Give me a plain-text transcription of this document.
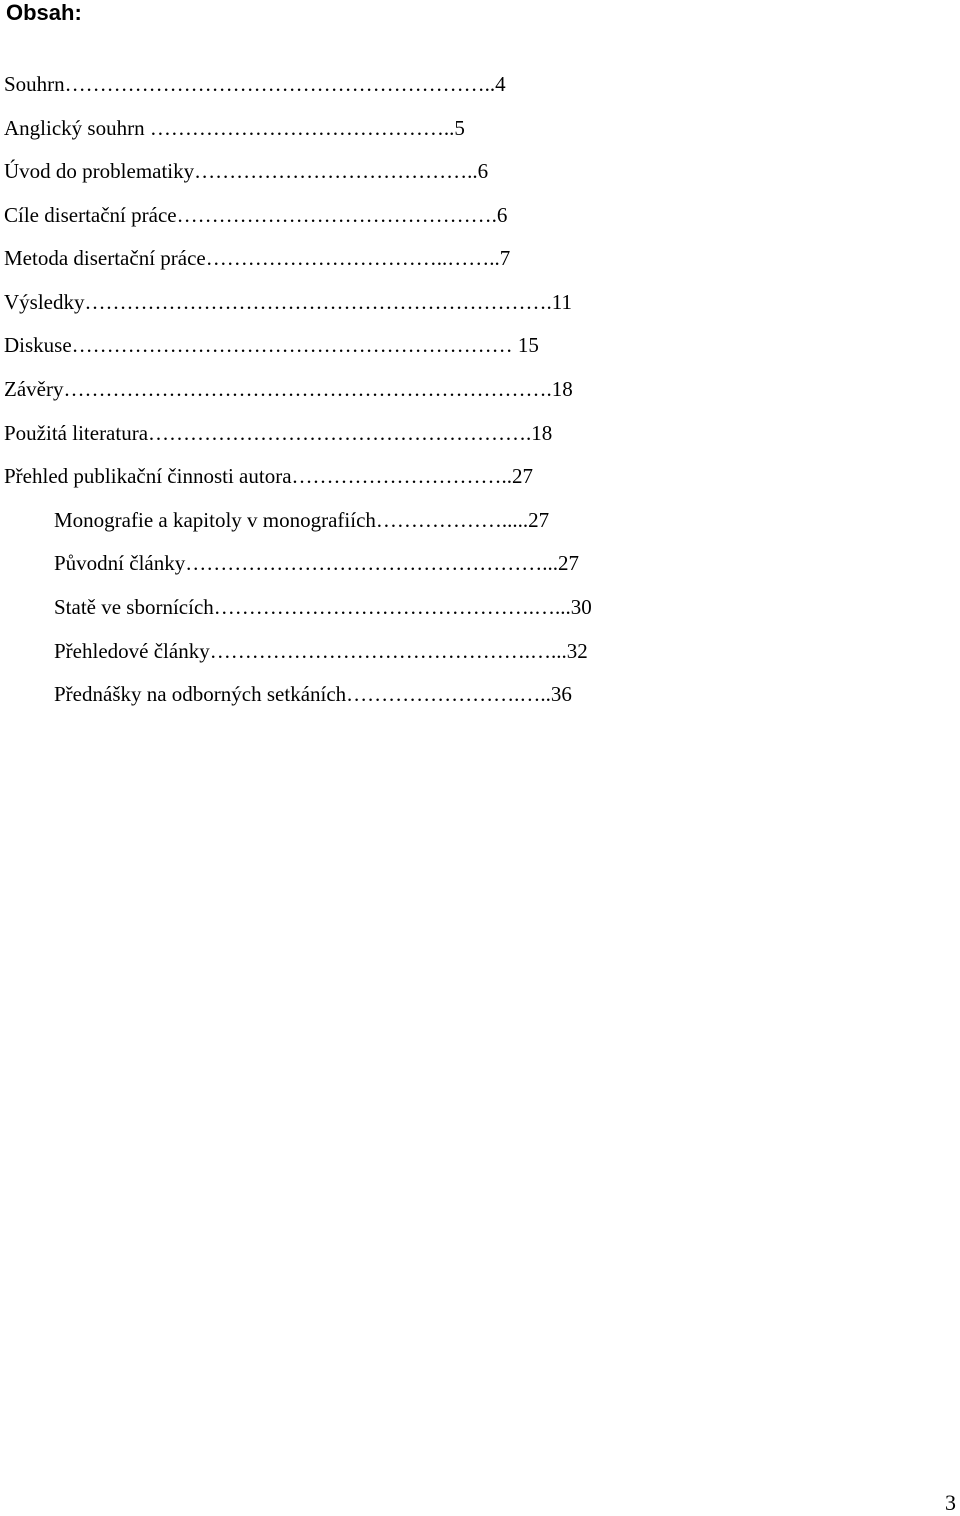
Obsah:
Souhrn……………………………………………………..4
Anglický souhrn ……………………………………..5
Úvod do problematiky…………………………………..6
Cíle disertační práce……………………………………….6
Metoda disertační práce……………………………..……..7
Výsledky………………………………………………………….11
Diskuse……………………………………………………… 15
Závěry…………………………………………………………….18
Použitá literatura……………………………………………….18
Přehled publikační činnosti autora…………………………..27
Monografie a kapitoly v monografiích……………….....27
Původní články……………………………………………...27
Statě ve sbornících……………………………………….…...30
Přehledové články……………………………………….…...32
Přednášky na odborných setkáních…………………….…..36
3
